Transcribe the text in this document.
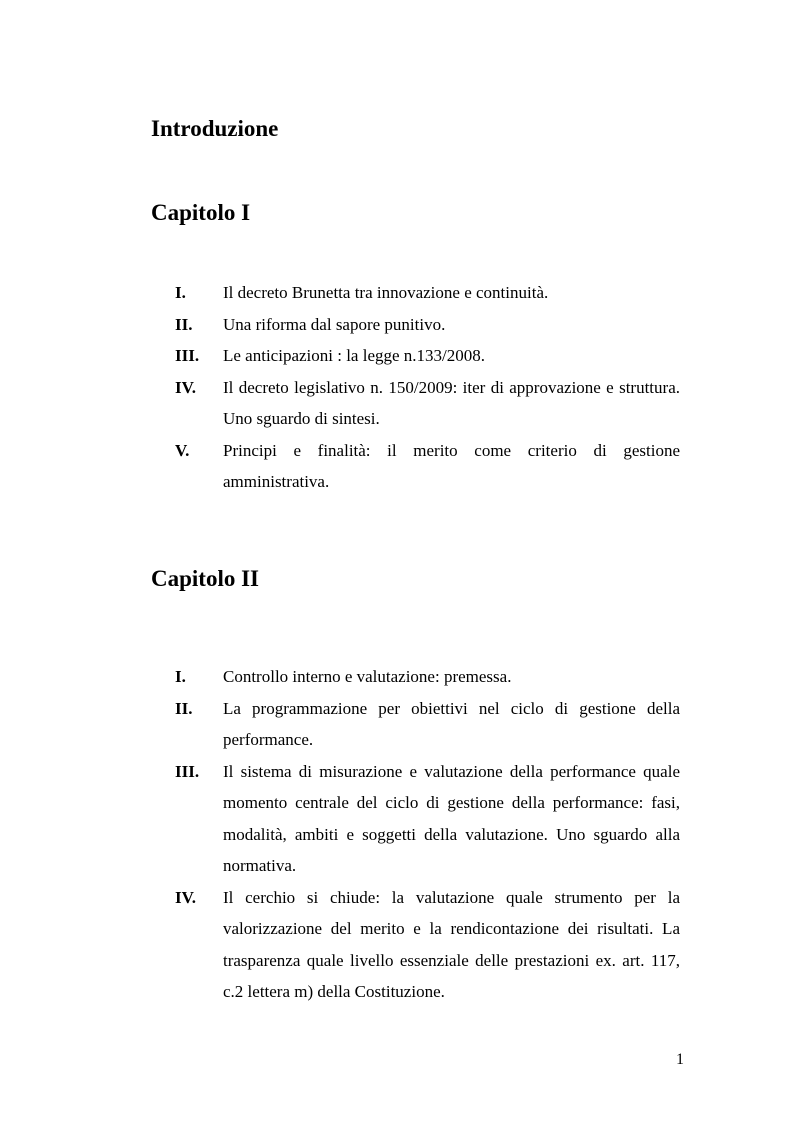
Introduzione
Capitolo I
I.	Il decreto Brunetta tra innovazione e continuità.
II.	Una riforma dal sapore punitivo.
III.	Le anticipazioni : la legge n.133/2008.
IV.	Il decreto legislativo n. 150/2009: iter di approvazione e struttura. Uno sguardo di sintesi.
V.	Principi e finalità: il merito come criterio di gestione amministrativa.
Capitolo II
I.	Controllo interno e valutazione: premessa.
II.	La programmazione per obiettivi nel ciclo di gestione della performance.
III.	Il sistema di misurazione e valutazione della performance quale momento centrale del ciclo di gestione della performance: fasi, modalità, ambiti e soggetti della valutazione. Uno sguardo alla normativa.
IV.	Il cerchio si chiude: la valutazione quale strumento per la valorizzazione del merito e la rendicontazione dei risultati. La trasparenza quale livello essenziale delle prestazioni ex. art. 117, c.2 lettera m) della Costituzione.
1
